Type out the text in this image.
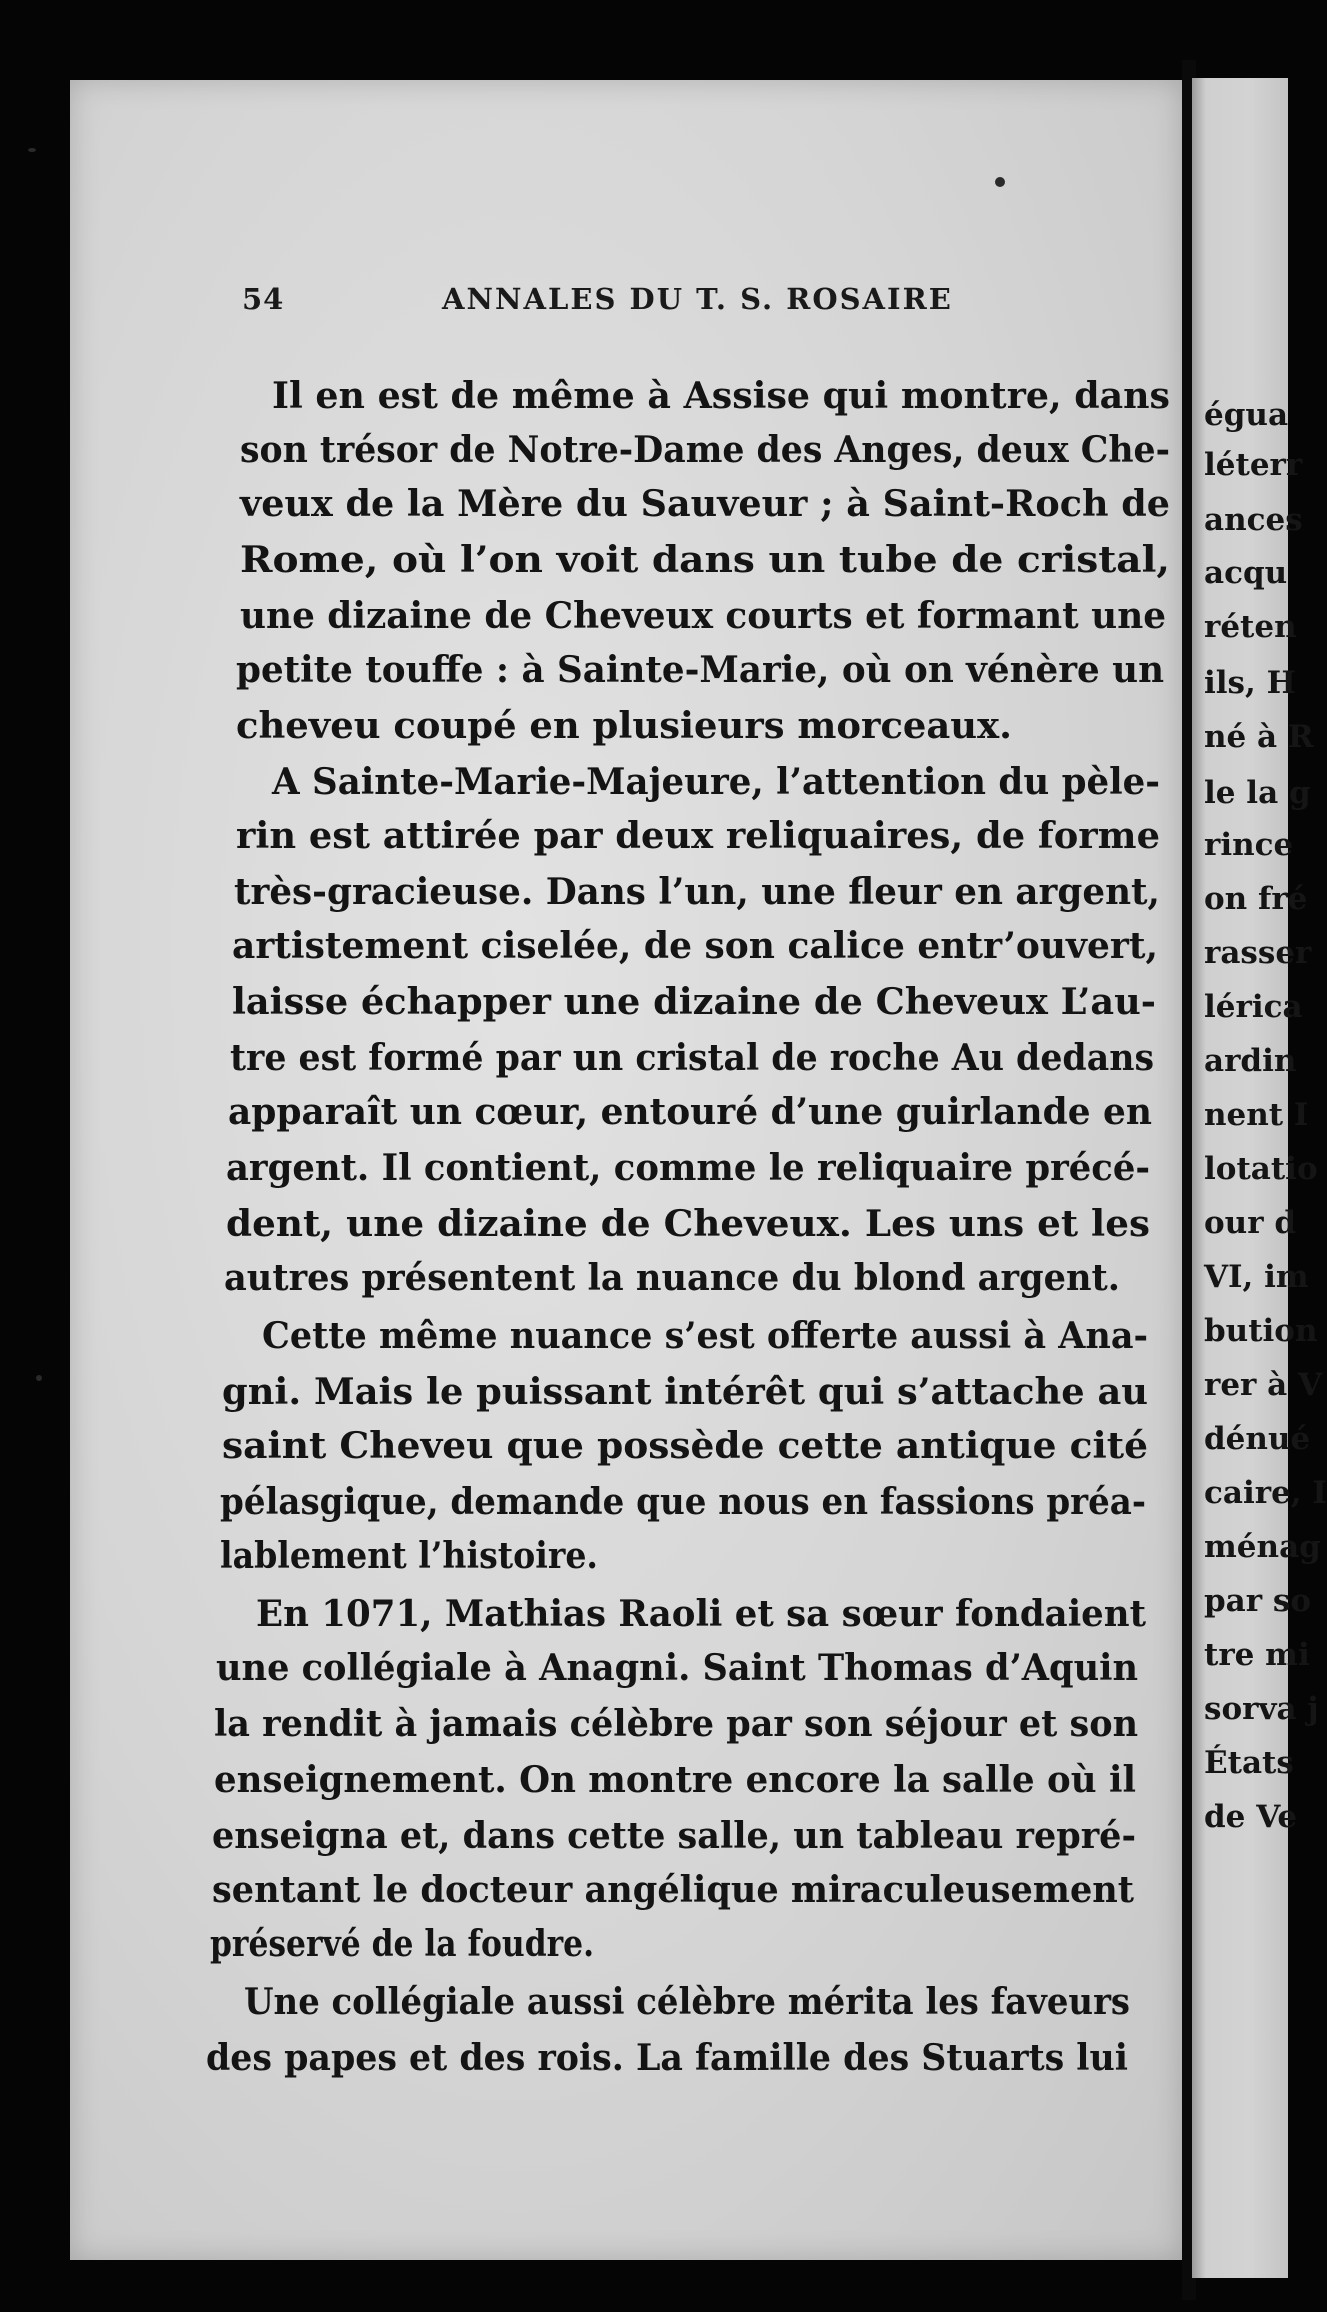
54	ANNALES DU T. S. ROSAIRE
Il en est de même à Assise qui montre, dans
son trésor de Notre-Dame des Anges, deux Che-
veux de la Mère du Sauveur ; à Saint-Roch de
Rome, où l’on voit dans un tube de cristal,
une dizaine de Cheveux courts et formant une
petite touffe : à Sainte-Marie, où on vénère un
cheveu coupé en plusieurs morceaux.
A Sainte-Marie-Majeure, l’attention du pèle-
rin est attirée par deux reliquaires, de forme
très-gracieuse. Dans l’un, une fleur en argent,
artistement ciselée, de son calice entr’ouvert,
laisse échapper une dizaine de Cheveux L’au-
tre est formé par un cristal de roche Au dedans
apparaît un cœur, entouré d’une guirlande en
argent. Il contient, comme le reliquaire précé-
dent, une dizaine de Cheveux. Les uns et les
autres présentent la nuance du blond argent.
Cette même nuance s’est offerte aussi à Ana-
gni. Mais le puissant intérêt qui s’attache au
saint Cheveu que possède cette antique cité
pélasgique, demande que nous en fassions préa-
lablement l’histoire.
En 1071, Mathias Raoli et sa sœur fondaient
une collégiale à Anagni. Saint Thomas d’Aquin
la rendit à jamais célèbre par son séjour et son
enseignement. On montre encore la salle où il
enseigna et, dans cette salle, un tableau repré-
sentant le docteur angélique miraculeusement
préservé de la foudre.
Une collégiale aussi célèbre mérita les faveurs
des papes et des rois. La famille des Stuarts lui
égua
léterr
ances
acqu
réten
ils, H
né à R
le la g
rince
on fré
rasser
lérica
ardin
nent I
lotatio
our d
VI, im
bution
rer à V
dénué
caire, I
ménag
par so
tre mi
sorva j
États
de Ve
